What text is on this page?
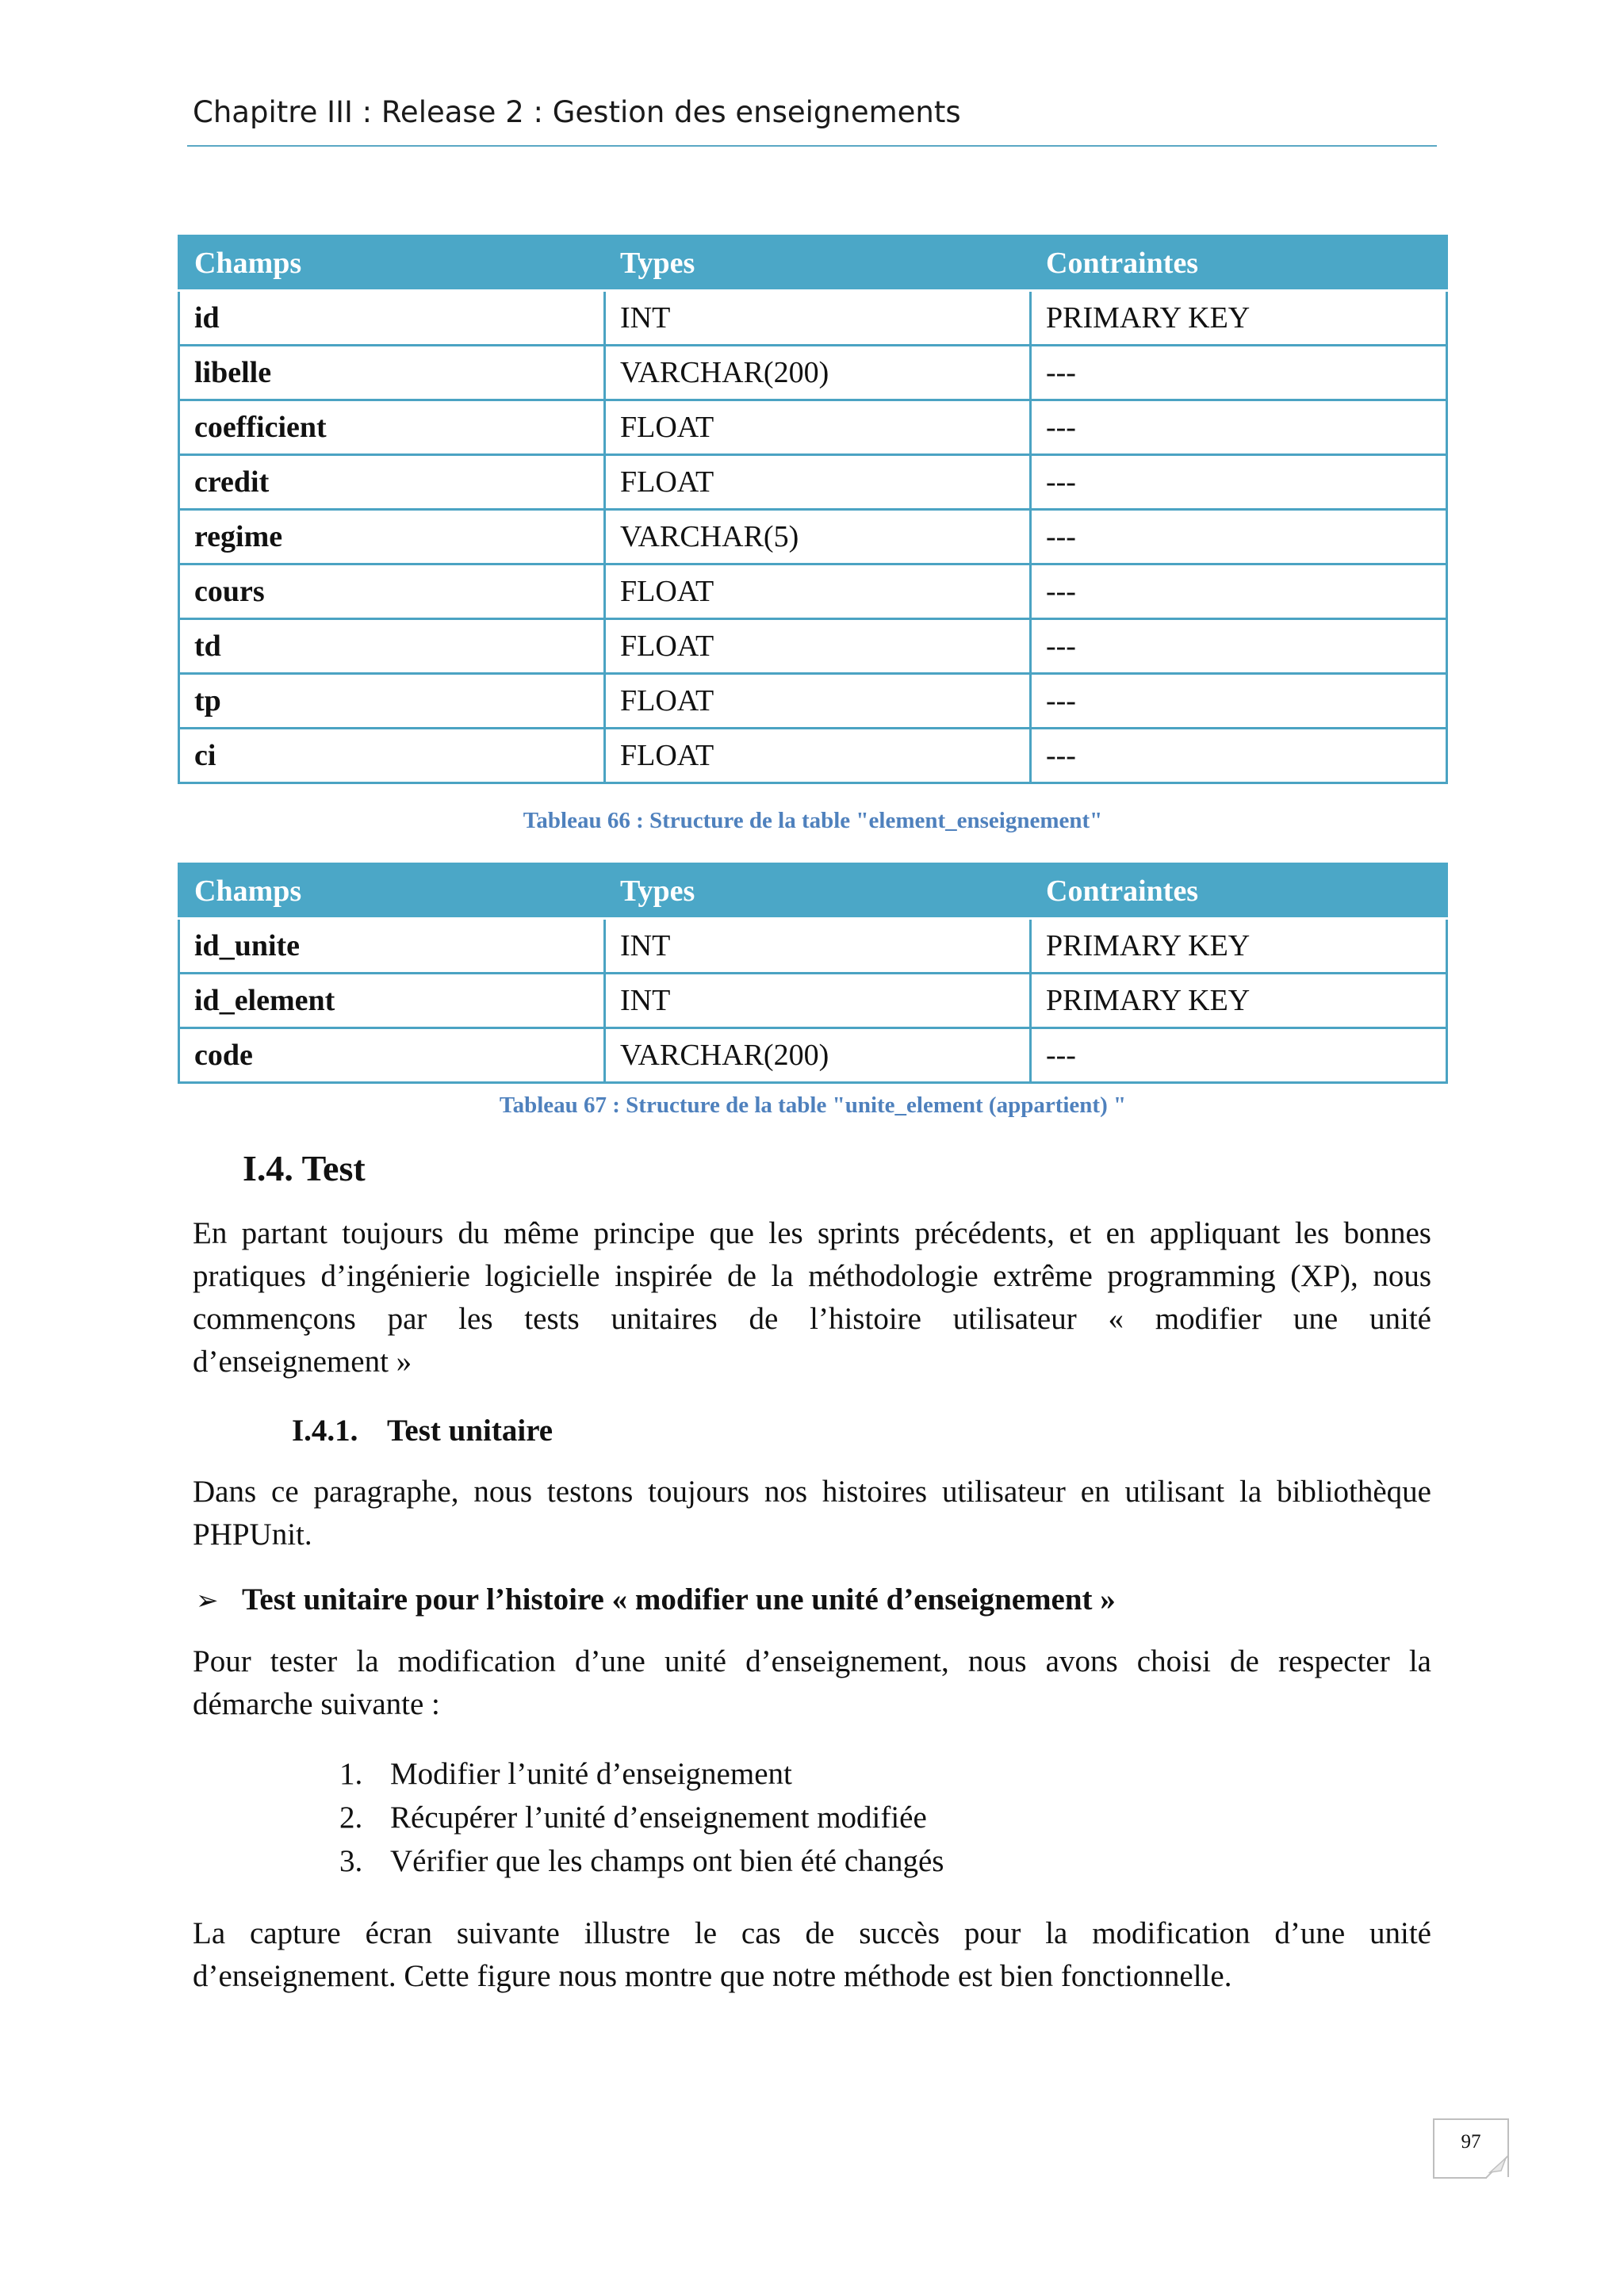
Chapitre III : Release 2 : Gestion des enseignements
Champs	Types	Contraintes
id	INT	PRIMARY KEY
libelle	VARCHAR(200)	---
coefficient	FLOAT	---
credit	FLOAT	---
regime	VARCHAR(5)	---
cours	FLOAT	---
td	FLOAT	---
tp	FLOAT	---
ci	FLOAT	---
Tableau 66 : Structure de la table "element_enseignement"
Champs	Types	Contraintes
id_unite	INT	PRIMARY KEY
id_element	INT	PRIMARY KEY
code	VARCHAR(200)	---
Tableau 67 : Structure de la table "unite_element (appartient) "
I.4. Test
En partant toujours du même principe que les sprints précédents, et en appliquant les bonnes
pratiques d’ingénierie logicielle inspirée de la méthodologie extrême programming (XP), nous
commençons par les tests unitaires de l’histoire utilisateur « modifier une unité
d’enseignement »
I.4.1. Test unitaire
Dans ce paragraphe, nous testons toujours nos histoires utilisateur en utilisant la bibliothèque
PHPUnit.
➢ Test unitaire pour l’histoire « modifier une unité d’enseignement »
Pour tester la modification d’une unité d’enseignement, nous avons choisi de respecter la
démarche suivante :
1. Modifier l’unité d’enseignement
2. Récupérer l’unité d’enseignement modifiée
3. Vérifier que les champs ont bien été changés
La capture écran suivante illustre le cas de succès pour la modification d’une unité
d’enseignement. Cette figure nous montre que notre méthode est bien fonctionnelle.
97
